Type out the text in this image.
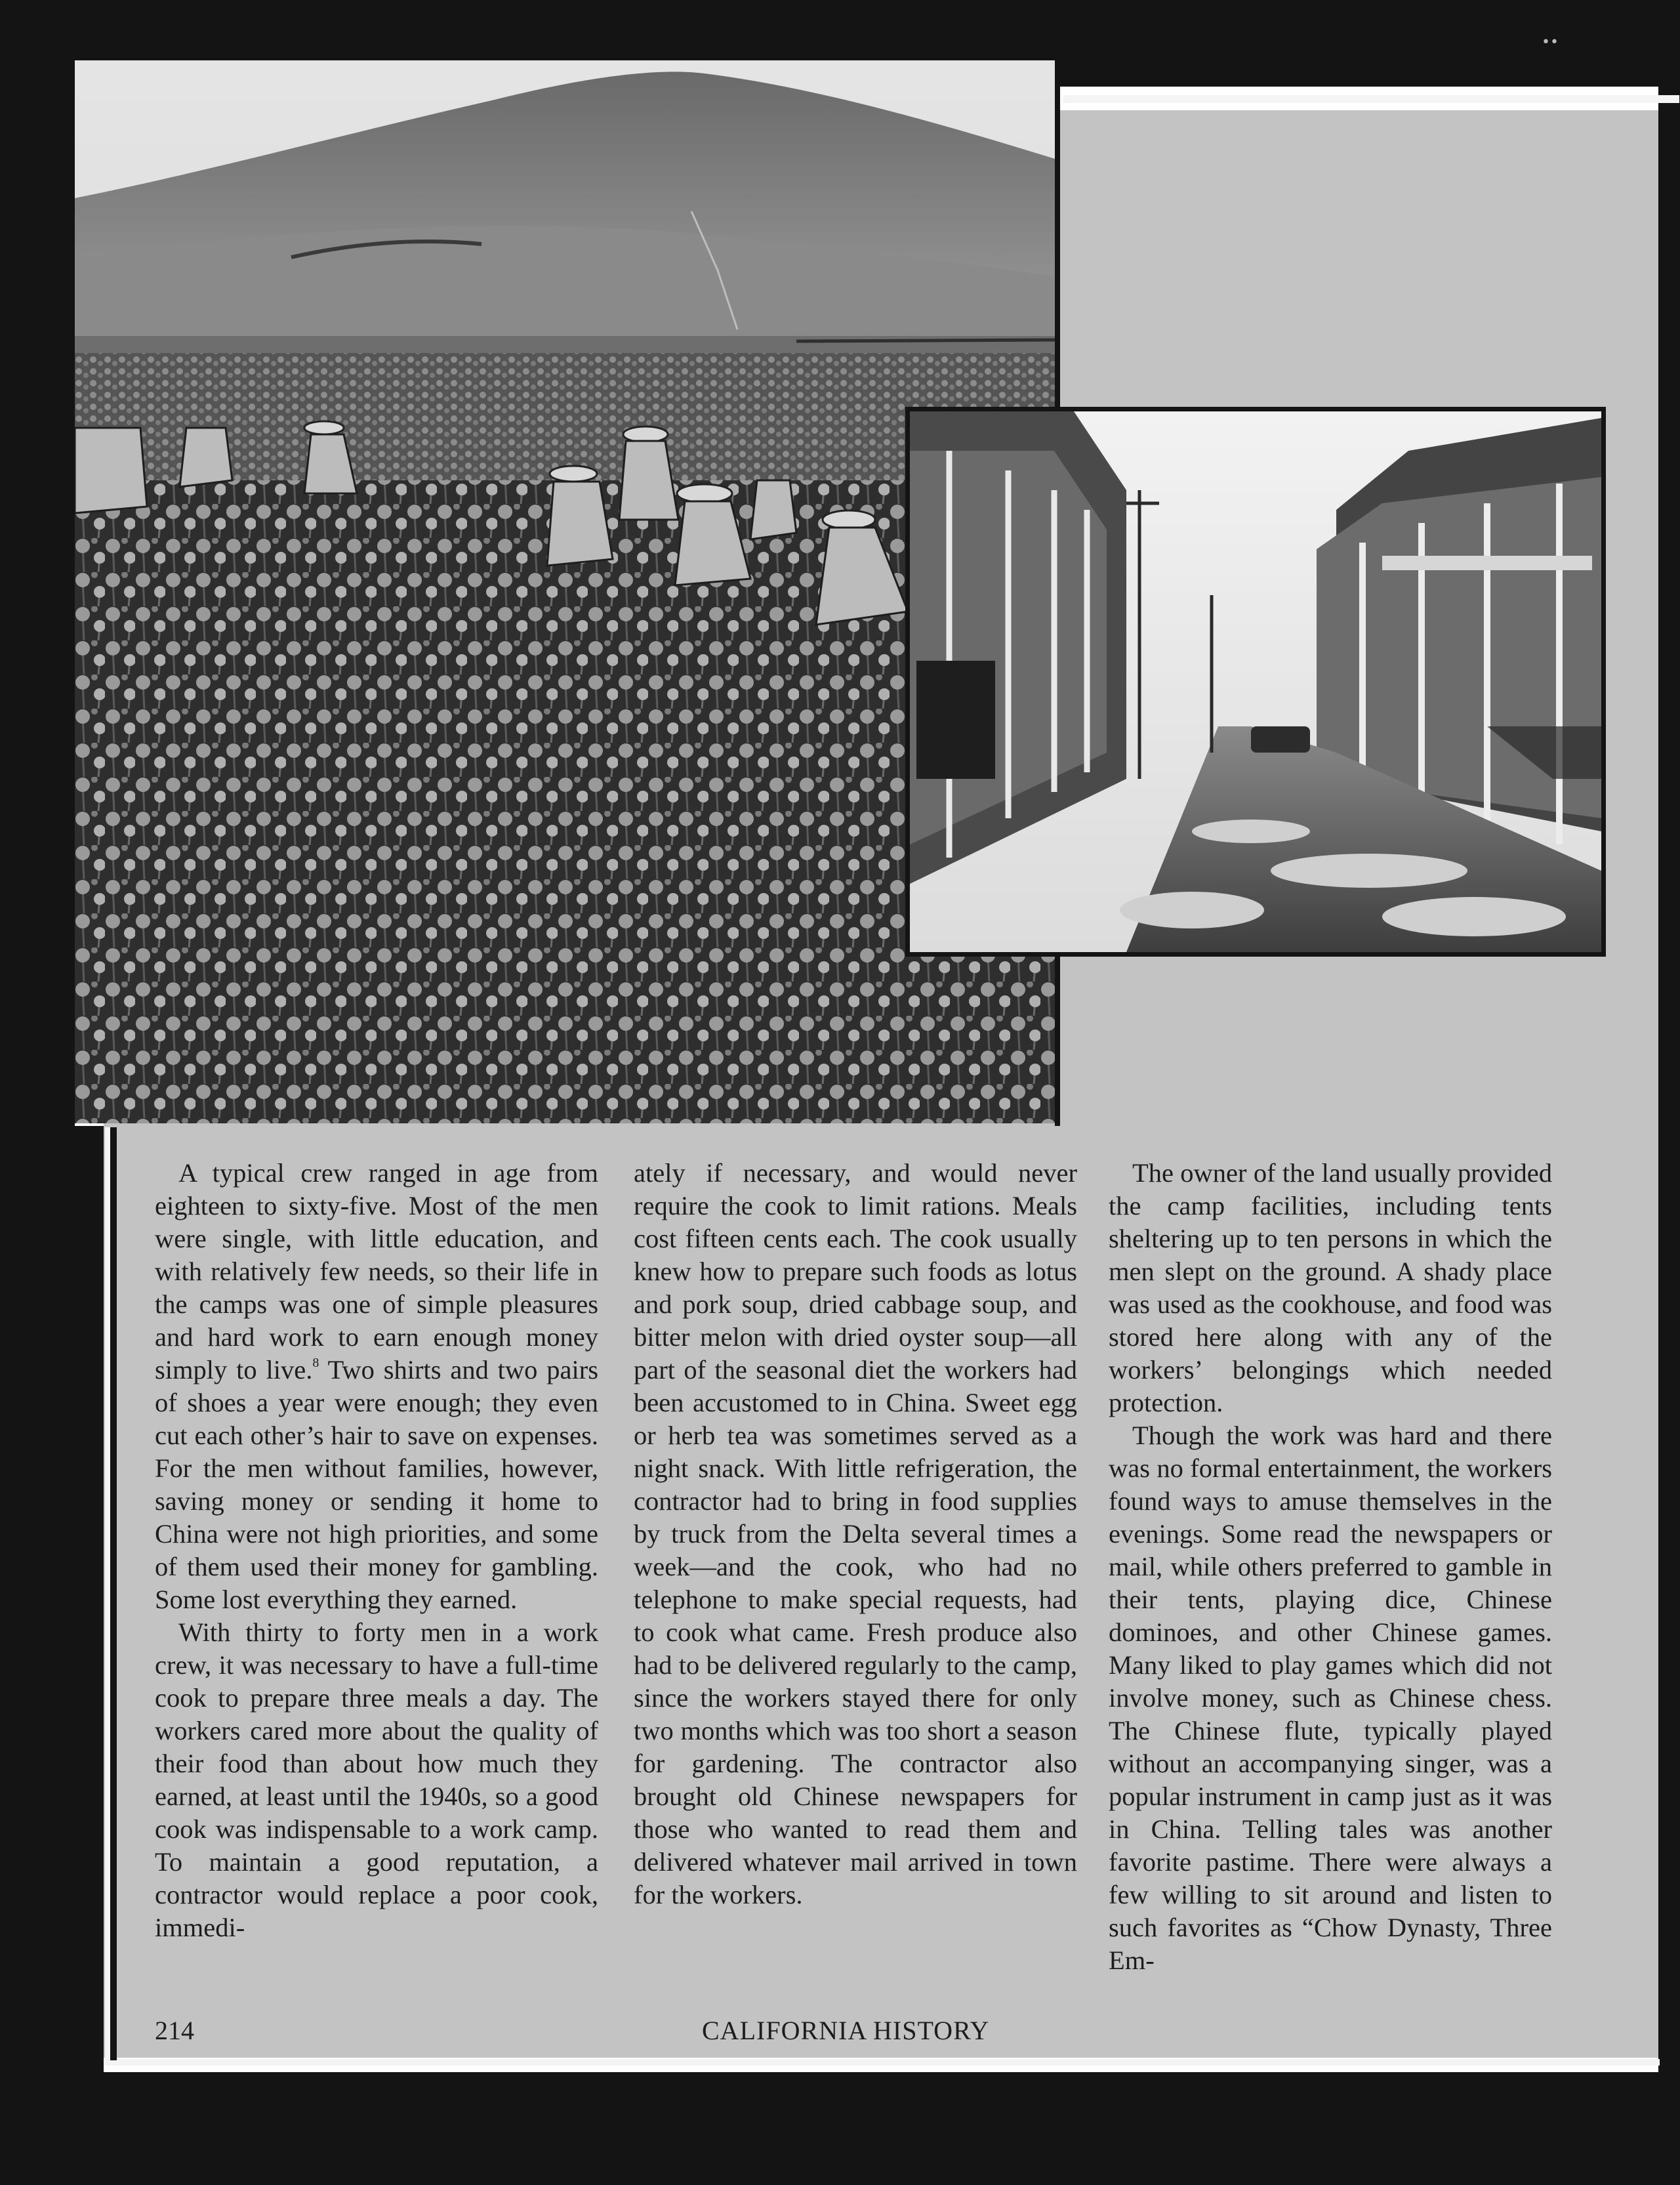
A typical crew ranged in age from eighteen to sixty-five. Most of the men were single, with little education, and with relatively few needs, so their life in the camps was one of simple pleasures and hard work to earn enough money simply to live.$^8$ Two shirts and two pairs of shoes a year were enough; they even cut each other’s hair to save on expenses. For the men without families, however, saving money or sending it home to China were not high priorities, and some of them used their money for gambling. Some lost everything they earned.

With thirty to forty men in a work crew, it was necessary to have a full-time cook to prepare three meals a day. The workers cared more about the quality of their food than about how much they earned, at least until the 1940s, so a good cook was indispensable to a work camp. To maintain a good reputation, a contractor would replace a poor cook, immedi-

ately if necessary, and would never require the cook to limit rations. Meals cost fifteen cents each. The cook usually knew how to prepare such foods as lotus and pork soup, dried cabbage soup, and bitter melon with dried oyster soup—all part of the seasonal diet the workers had been accustomed to in China. Sweet egg or herb tea was sometimes served as a night snack. With little refrigeration, the contractor had to bring in food supplies by truck from the Delta several times a week—and the cook, who had no telephone to make special requests, had to cook what came. Fresh produce also had to be delivered regularly to the camp, since the workers stayed there for only two months which was too short a season for gardening. The contractor also brought old Chinese newspapers for those who wanted to read them and delivered whatever mail arrived in town for the workers.

The owner of the land usually provided the camp facilities, including tents sheltering up to ten persons in which the men slept on the ground. A shady place was used as the cookhouse, and food was stored here along with any of the workers’ belongings which needed protection.

Though the work was hard and there was no formal entertainment, the workers found ways to amuse themselves in the evenings. Some read the newspapers or mail, while others preferred to gamble in their tents, playing dice, Chinese dominoes, and other Chinese games. Many liked to play games which did not involve money, such as Chinese chess. The Chinese flute, typically played without an accompanying singer, was a popular instrument in camp just as it was in China. Telling tales was another favorite pastime. There were always a few willing to sit around and listen to such favorites as “Chow Dynasty, Three Em-

214	CALIFORNIA HISTORY
••
